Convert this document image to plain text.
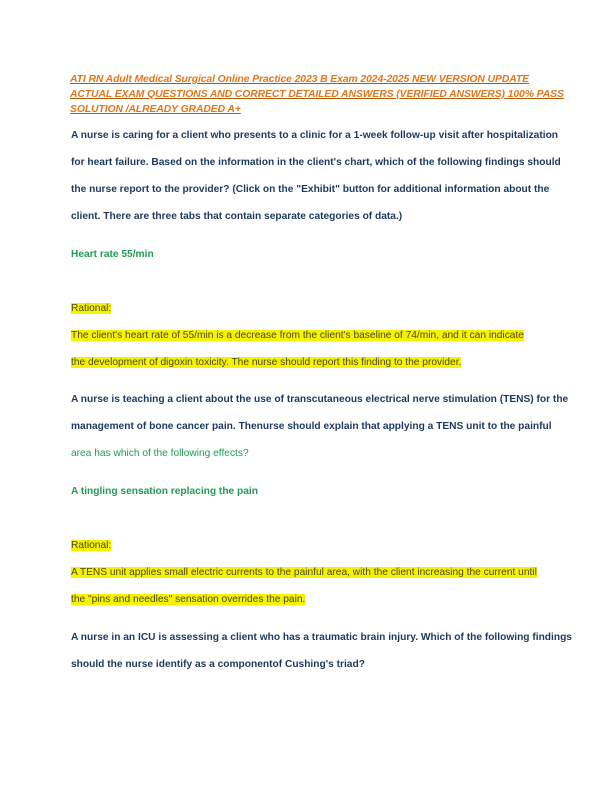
ATI RN Adult Medical Surgical Online Practice 2023 B Exam 2024-2025 NEW VERSION UPDATE
ACTUAL EXAM QUESTIONS AND CORRECT DETAILED ANSWERS (VERIFIED ANSWERS) 100% PASS
SOLUTION /ALREADY GRADED A+
A nurse is caring for a client who presents to a clinic for a 1-week follow-up visit after hospitalization
for heart failure. Based on the information in the client's chart, which of the following findings should
the nurse report to the provider? (Click on the "Exhibit" button for additional information about the
client. There are three tabs that contain separate categories of data.)
Heart rate 55/min
Rational:
The client's heart rate of 55/min is a decrease from the client's baseline of 74/min, and it can indicate
the development of digoxin toxicity. The nurse should report this finding to the provider.
A nurse is teaching a client about the use of transcutaneous electrical nerve stimulation (TENS) for the
management of bone cancer pain. Thenurse should explain that applying a TENS unit to the painful
area has which of the following effects?
A tingling sensation replacing the pain
Rational:
A TENS unit applies small electric currents to the painful area, with the client increasing the current until
the "pins and needles" sensation overrides the pain.
A nurse in an ICU is assessing a client who has a traumatic brain injury. Which of the following findings
should the nurse identify as a componentof Cushing's triad?
